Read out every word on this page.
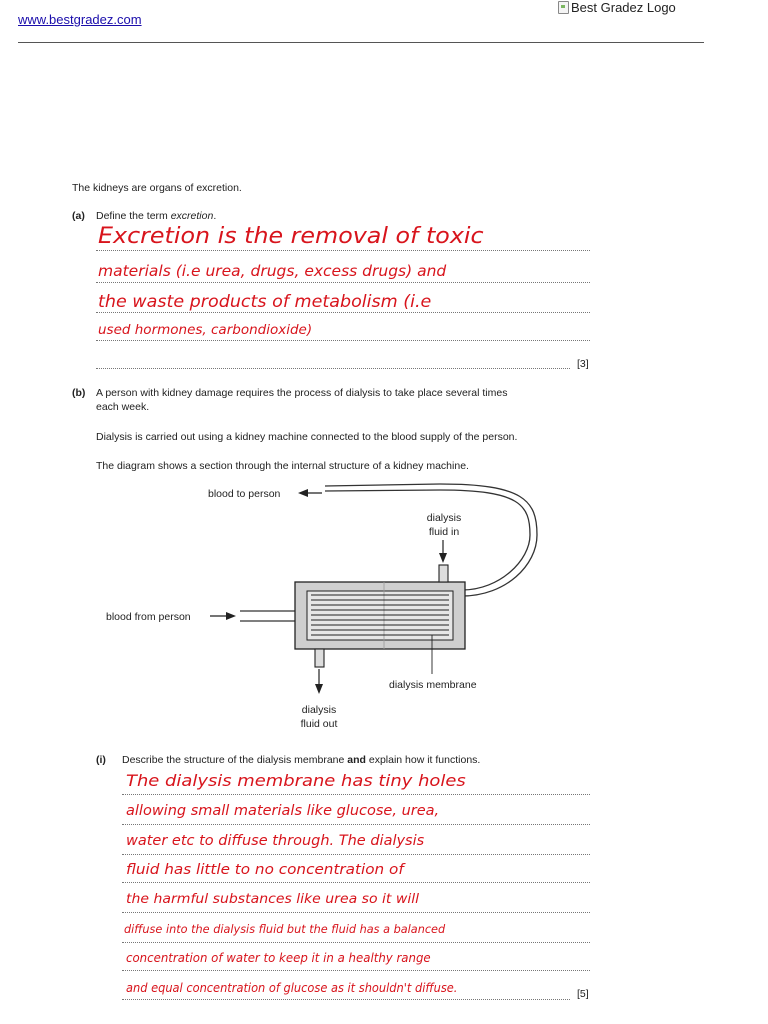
www.bestgradez.com
Best Gradez Logo
The kidneys are organs of excretion.
(a) Define the term excretion.
[3]
Excretion is the removal of toxic
materials (i.e urea, drugs, excess drugs) and
the waste products of metabolism (i.e
used hormones, carbondioxide)
(b) A person with kidney damage requires the process of dialysis to take place several times
each week.
Dialysis is carried out using a kidney machine connected to the blood supply of the person.
The diagram shows a section through the internal structure of a kidney machine.
blood to person
blood from person
dialysis
fluid in
dialysis
fluid out
dialysis membrane
(i) Describe the structure of the dialysis membrane and explain how it functions.
[5]
The dialysis membrane has tiny holes
allowing small materials like glucose, urea,
water etc to diffuse through. The dialysis
fluid has little to no concentration of
the harmful substances like urea so it will
diffuse into the dialysis fluid but the fluid has a balanced
concentration of water to keep it in a healthy range
and equal concentration of glucose as it shouldn't diffuse.
